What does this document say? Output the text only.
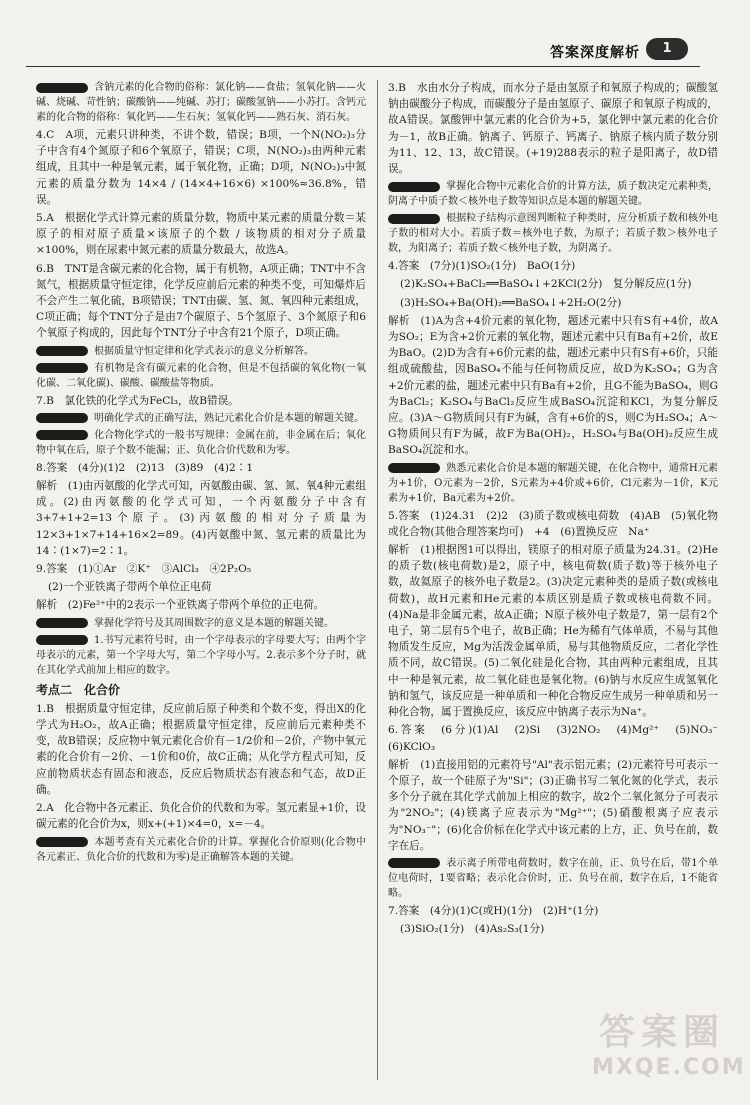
答案深度解析	1

含钠元素的化合物的俗称：氯化钠——食盐；氢氧化钠——火碱、烧碱、苛性钠；碳酸钠——纯碱、苏打；碳酸氢钠——小苏打。含钙元素的化合物的俗称：氧化钙——生石灰；氢氧化钙——熟石灰、消石灰。

4.C　A项，元素只讲种类，不讲个数，错误；B项，一个N(NO₂)₃分子中含有4个氮原子和6个氧原子，错误；C项，N(NO₂)₃由两种元素组成，且其中一种是氧元素，属于氧化物，正确；D项，N(NO₂)₃中氮元素的质量分数为 14×4 / (14×4+16×6) ×100%≈36.8%，错误。

5.A　根据化学式计算元素的质量分数，物质中某元素的质量分数＝某原子的相对原子质量×该原子的个数 / 该物质的相对分子质量 ×100%，则在尿素中氮元素的质量分数最大，故选A。

6.B　TNT是含碳元素的化合物，属于有机物，A项正确；TNT中不含氮气，根据质量守恒定律，化学反应前后元素的种类不变，可知爆炸后不会产生二氧化硫，B项错误；TNT由碳、氢、氮、氧四种元素组成，C项正确；每个TNT分子是由7个碳原子、5个氢原子、3个氮原子和6个氧原子构成的，因此每个TNT分子中含有21个原子，D项正确。

根据质量守恒定律和化学式表示的意义分析解答。

有机物是含有碳元素的化合物，但是不包括碳的氧化物(一氧化碳、二氧化碳)、碳酸、碳酸盐等物质。

7.B　氯化铁的化学式为FeCl₃，故B错误。

明确化学式的正确写法，熟记元素化合价是本题的解题关键。

化合物化学式的一般书写规律：金属在前，非金属在后；氧化物中氧在后，原子个数不能漏；正、负化合价代数和为零。

8.答案　(4分)(1)2　(2)13　(3)89　(4)2∶1

解析　(1)由丙氨酸的化学式可知，丙氨酸由碳、氢、氮、氧4种元素组成。(2)由丙氨酸的化学式可知，一个丙氨酸分子中含有3+7+1+2=13个原子。(3)丙氨酸的相对分子质量为12×3+1×7+14+16×2=89。(4)丙氨酸中氮、氢元素的质量比为14∶(1×7)=2∶1。

9.答案　(1)①Ar　②K⁺　③AlCl₃　④2P₂O₅

(2)一个亚铁离子带两个单位正电荷

解析　(2)Fe²⁺中的2表示一个亚铁离子带两个单位的正电荷。

掌握化学符号及其周围数字的意义是本题的解题关键。

1.书写元素符号时，由一个字母表示的字母要大写；由两个字母表示的元素，第一个字母大写，第二个字母小写。2.表示多个分子时，就在其化学式前加上相应的数字。

考点二　化合价

1.B　根据质量守恒定律，反应前后原子种类和个数不变，得出X的化学式为H₂O₂，故A正确；根据质量守恒定律，反应前后元素种类不变，故B错误；反应物中氧元素化合价有－1/2价和－2价，产物中氧元素的化合价有－2价、－1价和0价，故C正确；从化学方程式可知，反应前物质状态有固态和液态，反应后物质状态有液态和气态，故D正确。

2.A　化合物中各元素正、负化合价的代数和为零。氢元素显+1价，设碳元素的化合价为x，则x+(+1)×4=0，x=－4。

本题考查有关元素化合价的计算。掌握化合价原则(化合物中各元素正、负化合价的代数和为零)是正确解答本题的关键。

3.B　水由水分子构成，而水分子是由氢原子和氧原子构成的；碳酸氢钠由碳酸分子构成，而碳酸分子是由氢原子、碳原子和氧原子构成的，故A错误。氯酸钾中氯元素的化合价为+5，氯化钾中氯元素的化合价为－1，故B正确。钠离子、钙原子、钙离子、钠原子核内质子数分别为11、12、13，故C错误。(+19)288表示的粒子是阳离子，故D错误。

掌握化合物中元素化合价的计算方法，质子数决定元素种类，阴离子中质子数＜核外电子数等知识点是本题的解题关键。

根据粒子结构示意图判断粒子种类时，应分析质子数和核外电子数的相对大小。若质子数＝核外电子数，为原子；若质子数＞核外电子数，为阳离子；若质子数＜核外电子数，为阴离子。

4.答案　(7分)(1)SO₂(1分)　BaO(1分)

(2)K₂SO₄+BaCl₂══BaSO₄↓+2KCl(2分)　复分解反应(1分)

(3)H₂SO₄+Ba(OH)₂══BaSO₄↓+2H₂O(2分)

解析　(1)A为含+4价元素的氧化物，题述元素中只有S有+4价，故A为SO₂；E为含+2价元素的氧化物，题述元素中只有Ba有+2价，故E为BaO。(2)D为含有+6价元素的盐，题述元素中只有S有+6价，只能组成硫酸盐，因BaSO₄不能与任何物质反应，故D为K₂SO₄；G为含+2价元素的盐，题述元素中只有Ba有+2价，且G不能为BaSO₄，则G为BaCl₂；K₂SO₄与BaCl₂反应生成BaSO₄沉淀和KCl，为复分解反应。(3)A～G物质间只有F为碱，含有+6价的S，则C为H₂SO₄；A～G物质间只有F为碱，故F为Ba(OH)₂，H₂SO₄与Ba(OH)₂反应生成BaSO₄沉淀和水。

熟悉元素化合价是本题的解题关键，在化合物中，通常H元素为+1价，O元素为－2价，S元素为+4价或+6价，Cl元素为－1价，K元素为+1价，Ba元素为+2价。

5.答案　(1)24.31　(2)2　(3)质子数或核电荷数　(4)AB　(5)氧化物或化合物(其他合理答案均可)　+4　(6)置换反应　Na⁺

解析　(1)根据图1可以得出，镁原子的相对原子质量为24.31。(2)He的质子数(核电荷数)是2，原子中，核电荷数(质子数)等于核外电子数，故氦原子的核外电子数是2。(3)决定元素种类的是质子数(或核电荷数)，故H元素和He元素的本质区别是质子数或核电荷数不同。(4)Na是非金属元素，故A正确；N原子核外电子数是7，第一层有2个电子，第二层有5个电子，故B正确；He为稀有气体单质，不易与其他物质发生反应，Mg为活泼金属单质，易与其他物质反应，二者化学性质不同，故C错误。(5)二氧化硅是化合物，其由两种元素组成，且其中一种是氧元素，故二氧化硅也是氧化物。(6)钠与水反应生成氢氧化钠和氢气，该反应是一种单质和一种化合物反应生成另一种单质和另一种化合物，属于置换反应，该反应中钠离子表示为Na⁺。

6.答案　(6分)(1)Al　(2)Si　(3)2NO₂　(4)Mg²⁺　(5)NO₃⁻　(6)KClO₃

解析　(1)直接用铝的元素符号"Al"表示铝元素；(2)元素符号可表示一个原子，故一个硅原子为"Si"；(3)正确书写二氧化氮的化学式，表示多个分子就在其化学式前加上相应的数字，故2个二氧化氮分子可表示为"2NO₂"；(4)镁离子应表示为"Mg²⁺"；(5)硝酸根离子应表示为"NO₃⁻"；(6)化合价标在化学式中该元素的上方，正、负号在前，数字在后。

表示离子所带电荷数时，数字在前，正、负号在后，带1个单位电荷时，1要省略；表示化合价时，正、负号在前，数字在后，1不能省略。

7.答案　(4分)(1)C(或H)(1分)　(2)H⁺(1分)

(3)SiO₂(1分)　(4)As₂S₃(1分)

答案圈
MXQE.COM
